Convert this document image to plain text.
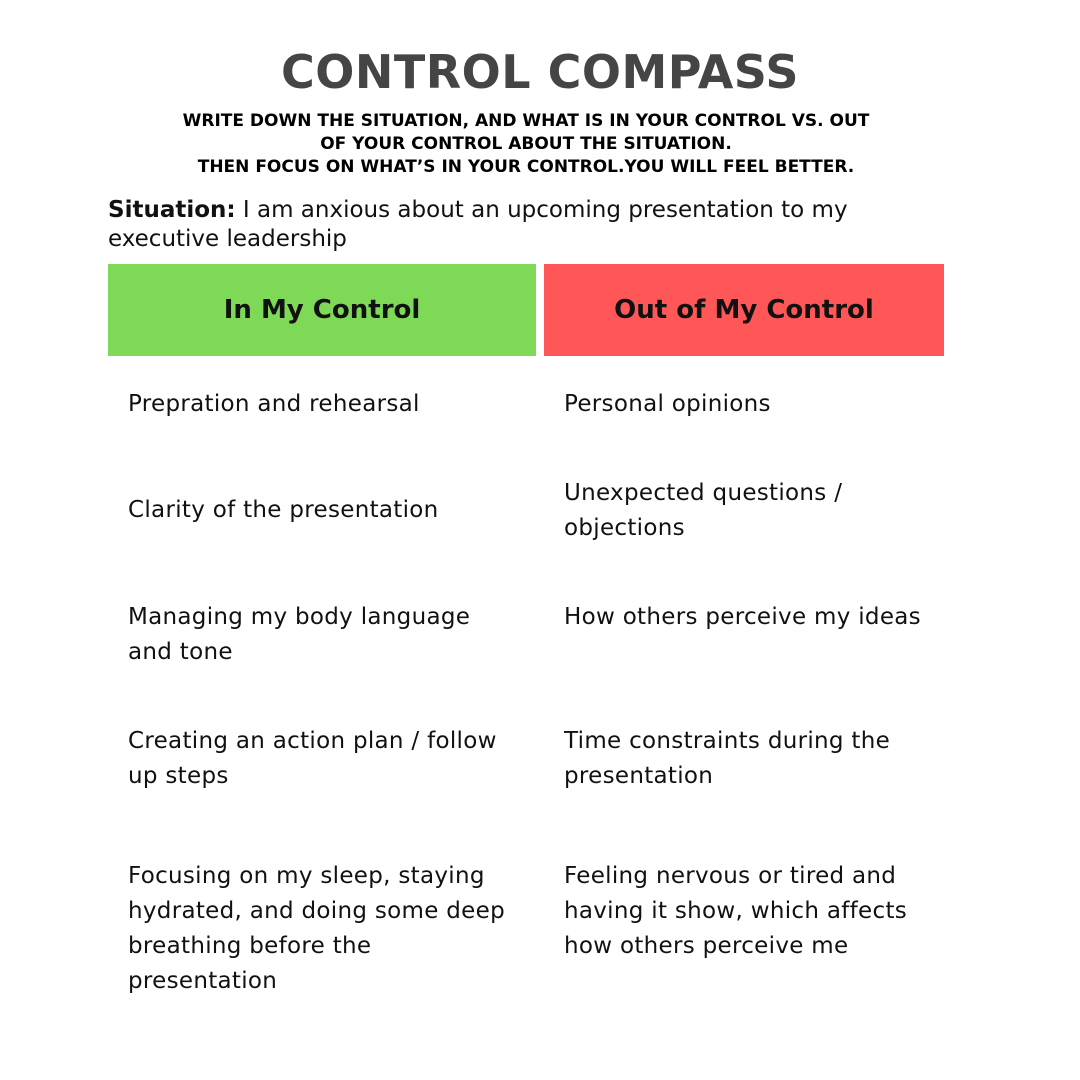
CONTROL COMPASS
WRITE DOWN THE SITUATION, AND WHAT IS IN YOUR CONTROL VS. OUT
OF YOUR CONTROL ABOUT THE SITUATION.
THEN FOCUS ON WHAT’S IN YOUR CONTROL.YOU WILL FEEL BETTER.

Situation: I am anxious about an upcoming presentation to my executive leadership

In My Control	Out of My Control

Prepration and rehearsal

Clarity of the presentation

Managing my body language and tone

Creating an action plan / follow up steps

Focusing on my sleep, staying hydrated, and doing some deep breathing before the presentation

Personal opinions

Unexpected questions / objections

How others perceive my ideas

Time constraints during the presentation

Feeling nervous or tired and having it show, which affects how others perceive me
